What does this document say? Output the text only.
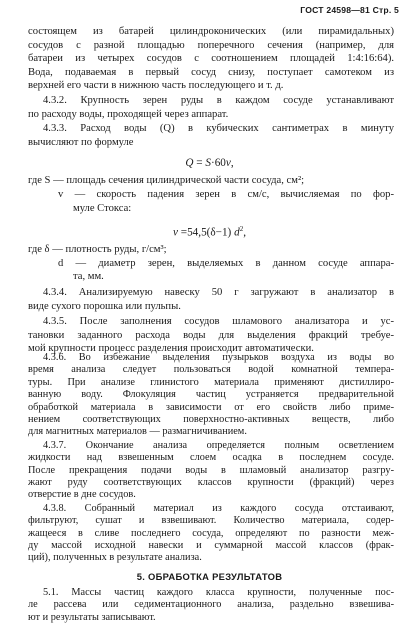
ГОСТ 24598—81 Стр. 5
состоящем из батарей цилиндроконических (или пирамидальных)
сосудов с разной площадью поперечного сечения (например, для
батареи из четырех сосудов с соотношением площадей 1:4:16:64).
Вода, подаваемая в первый сосуд снизу, поступает самотеком из
верхней его части в нижнюю часть последующего и т. д.
4.3.2. Крупность зерен руды в каждом сосуде устанавливают
по расходу воды, проходящей через аппарат.
4.3.3. Расход воды (Q) в кубических сантиметрах в минуту
вычисляют по формуле
Q = S·60v,
где S — площадь сечения цилиндрической части сосуда, см²;
v — скорость падения зерен в см/с, вычисляемая по фор-
муле Стокса:
v =54,5(δ−1) $d^2$,
где δ — плотность руды, г/см³;
d — диаметр зерен, выделяемых в данном сосуде аппара-
та, мм.
4.3.4. Анализируемую навеску 50 г загружают в анализатор в
виде сухого порошка или пульпы.
4.3.5. После заполнения сосудов шламового анализатора и ус-
тановки заданного расхода воды для выделения фракций требуе-
мой крупности процесс разделения происходит автоматически.
4.3.6. Во избежание выделения пузырьков воздуха из воды во
время анализа следует пользоваться водой комнатной темпера-
туры. При анализе глинистого материала применяют дистиллиро-
ванную воду. Флокуляция частиц устраняется предварительной
обработкой материала в зависимости от его свойств либо приме-
нением соответствующих поверхностно-активных веществ, либо
для магнитных материалов — размагничиванием.
4.3.7. Окончание анализа определяется полным осветлением
жидкости над взвешенным слоем осадка в последнем сосуде.
После прекращения подачи воды в шламовый анализатор разгру-
жают руду соответствующих классов крупности (фракций) через
отверстие в дне сосудов.
4.3.8. Собранный материал из каждого сосуда отстаивают,
фильтруют, сушат и взвешивают. Количество материала, содер-
жащееся в сливе последнего сосуда, определяют по разности меж-
ду массой исходной навески и суммарной массой классов (фрак-
ций), полученных в результате анализа.
5. ОБРАБОТКА РЕЗУЛЬТАТОВ
5.1. Массы частиц каждого класса крупности, полученные пос-
ле рассева или седиментационного анализа, раздельно взвешива-
ют и результаты записывают.
